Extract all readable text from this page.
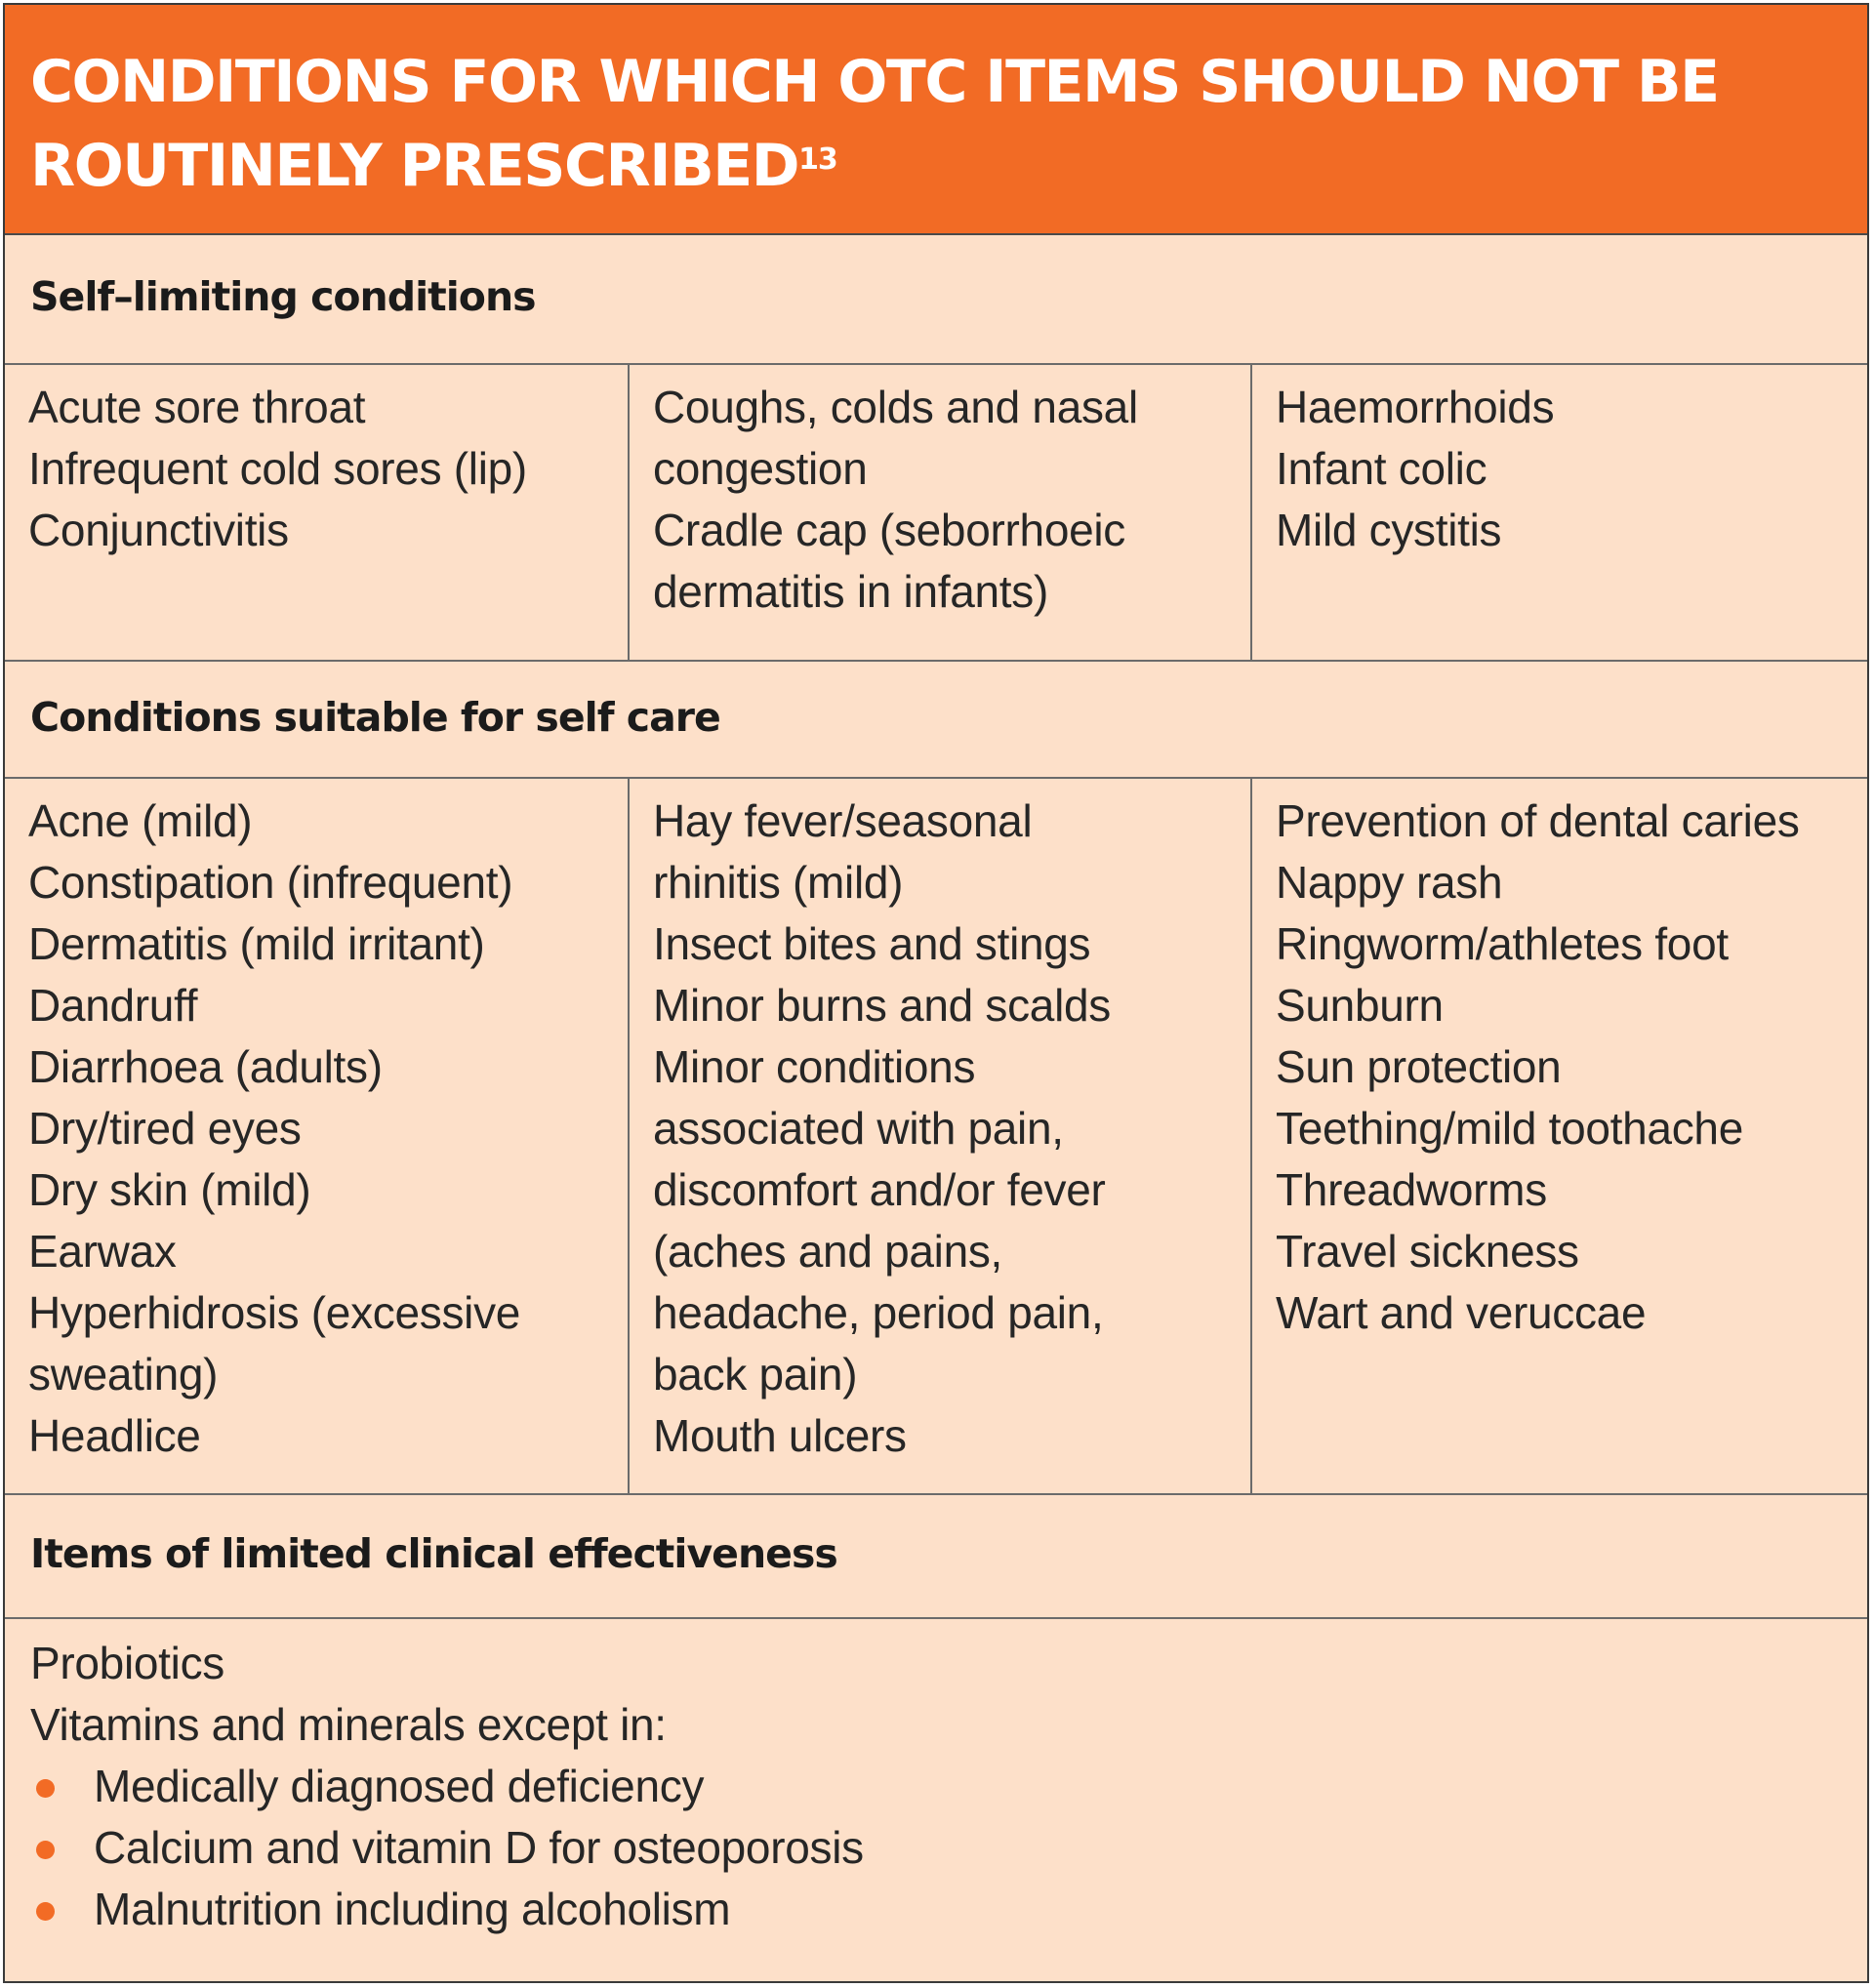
CONDITIONS FOR WHICH OTC ITEMS SHOULD NOT BE
ROUTINELY PRESCRIBED$^{13}$
Self–limiting conditions
Acute sore throat
Infrequent cold sores (lip)
Conjunctivitis
Coughs, colds and nasal
congestion
Cradle cap (seborrhoeic
dermatitis in infants)
Haemorrhoids
Infant colic
Mild cystitis
Conditions suitable for self care
Acne (mild)
Constipation (infrequent)
Dermatitis (mild irritant)
Dandruff
Diarrhoea (adults)
Dry/tired eyes
Dry skin (mild)
Earwax
Hyperhidrosis (excessive
sweating)
Headlice
Hay fever/seasonal
rhinitis (mild)
Insect bites and stings
Minor burns and scalds
Minor conditions
associated with pain,
discomfort and/or fever
(aches and pains,
headache, period pain,
back pain)
Mouth ulcers
Prevention of dental caries
Nappy rash
Ringworm/athletes foot
Sunburn
Sun protection
Teething/mild toothache
Threadworms
Travel sickness
Wart and veruccae
Items of limited clinical effectiveness
Probiotics
Vitamins and minerals except in:
Medically diagnosed deficiency
Calcium and vitamin D for osteoporosis
Malnutrition including alcoholism
